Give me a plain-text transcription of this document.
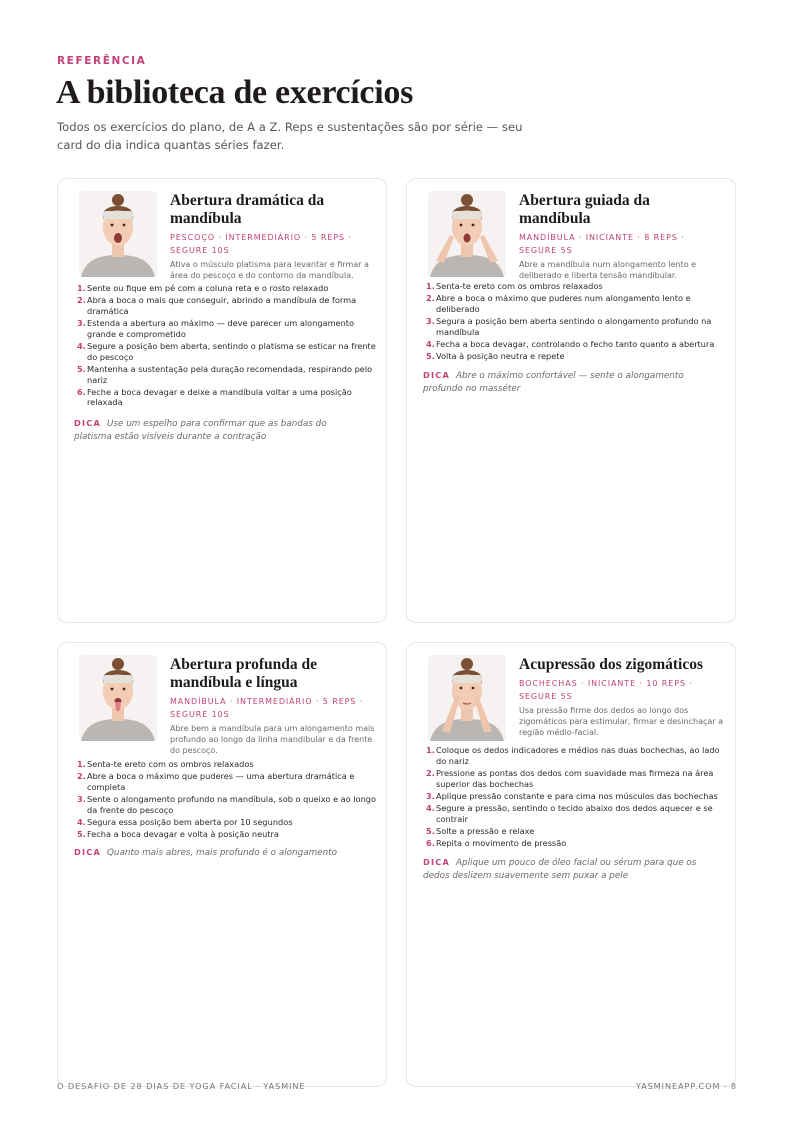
REFERÊNCIA
A biblioteca de exercícios

Todos os exercícios do plano, de A a Z. Reps e sustentações são por série — seu card do dia indica quantas séries fazer.

Abertura dramática da mandíbula
PESCOÇO · INTERMEDIÁRIO · 5 REPS · SEGURE 10S
Ativa o músculo platisma para levantar e firmar a área do pescoço e do contorno da mandíbula.
1. Sente ou fique em pé com a coluna reta e o rosto relaxado
2. Abra a boca o mais que conseguir, abrindo a mandíbula de forma dramática
3. Estenda a abertura ao máximo — deve parecer um alongamento grande e comprometido
4. Segure a posição bem aberta, sentindo o platisma se esticar na frente do pescoço
5. Mantenha a sustentação pela duração recomendada, respirando pelo nariz
6. Feche a boca devagar e deixe a mandíbula voltar a uma posição relaxada
DICA Use um espelho para confirmar que as bandas do platisma estão visíveis durante a contração
Abertura guiada da mandíbula
MANDÍBULA · INICIANTE · 8 REPS · SEGURE 5S
Abre a mandíbula num alongamento lento e deliberado e liberta tensão mandibular.
1. Senta-te ereto com os ombros relaxados
2. Abre a boca o máximo que puderes num alongamento lento e deliberado
3. Segura a posição bem aberta sentindo o alongamento profundo na mandíbula
4. Fecha a boca devagar, controlando o fecho tanto quanto a abertura
5. Volta à posição neutra e repete
DICA Abre o máximo confortável — sente o alongamento profundo no masséter
Abertura profunda de mandíbula e língua
MANDÍBULA · INTERMEDIÁRIO · 5 REPS · SEGURE 10S
Abre bem a mandíbula para um alongamento mais profundo ao longo da linha mandibular e da frente do pescoço.
1. Senta-te ereto com os ombros relaxados
2. Abre a boca o máximo que puderes — uma abertura dramática e completa
3. Sente o alongamento profundo na mandíbula, sob o queixo e ao longo da frente do pescoço
4. Segura essa posição bem aberta por 10 segundos
5. Fecha a boca devagar e volta à posição neutra
DICA Quanto mais abres, mais profundo é o alongamento
Acupressão dos zigomáticos
BOCHECHAS · INICIANTE · 10 REPS · SEGURE 5S
Usa pressão firme dos dedos ao longo dos zigomáticos para estimular, firmar e desinchaçar a região médio-facial.
1. Coloque os dedos indicadores e médios nas duas bochechas, ao lado do nariz
2. Pressione as pontas dos dedos com suavidade mas firmeza na área superior das bochechas
3. Aplique pressão constante e para cima nos músculos das bochechas
4. Segure a pressão, sentindo o tecido abaixo dos dedos aquecer e se contrair
5. Solte a pressão e relaxe
6. Repita o movimento de pressão
DICA Aplique um pouco de óleo facial ou sérum para que os dedos deslizem suavemente sem puxar a pele
O DESAFIO DE 28 DIAS DE YOGA FACIAL · YASMINE	YASMINEAPP.COM · 8
